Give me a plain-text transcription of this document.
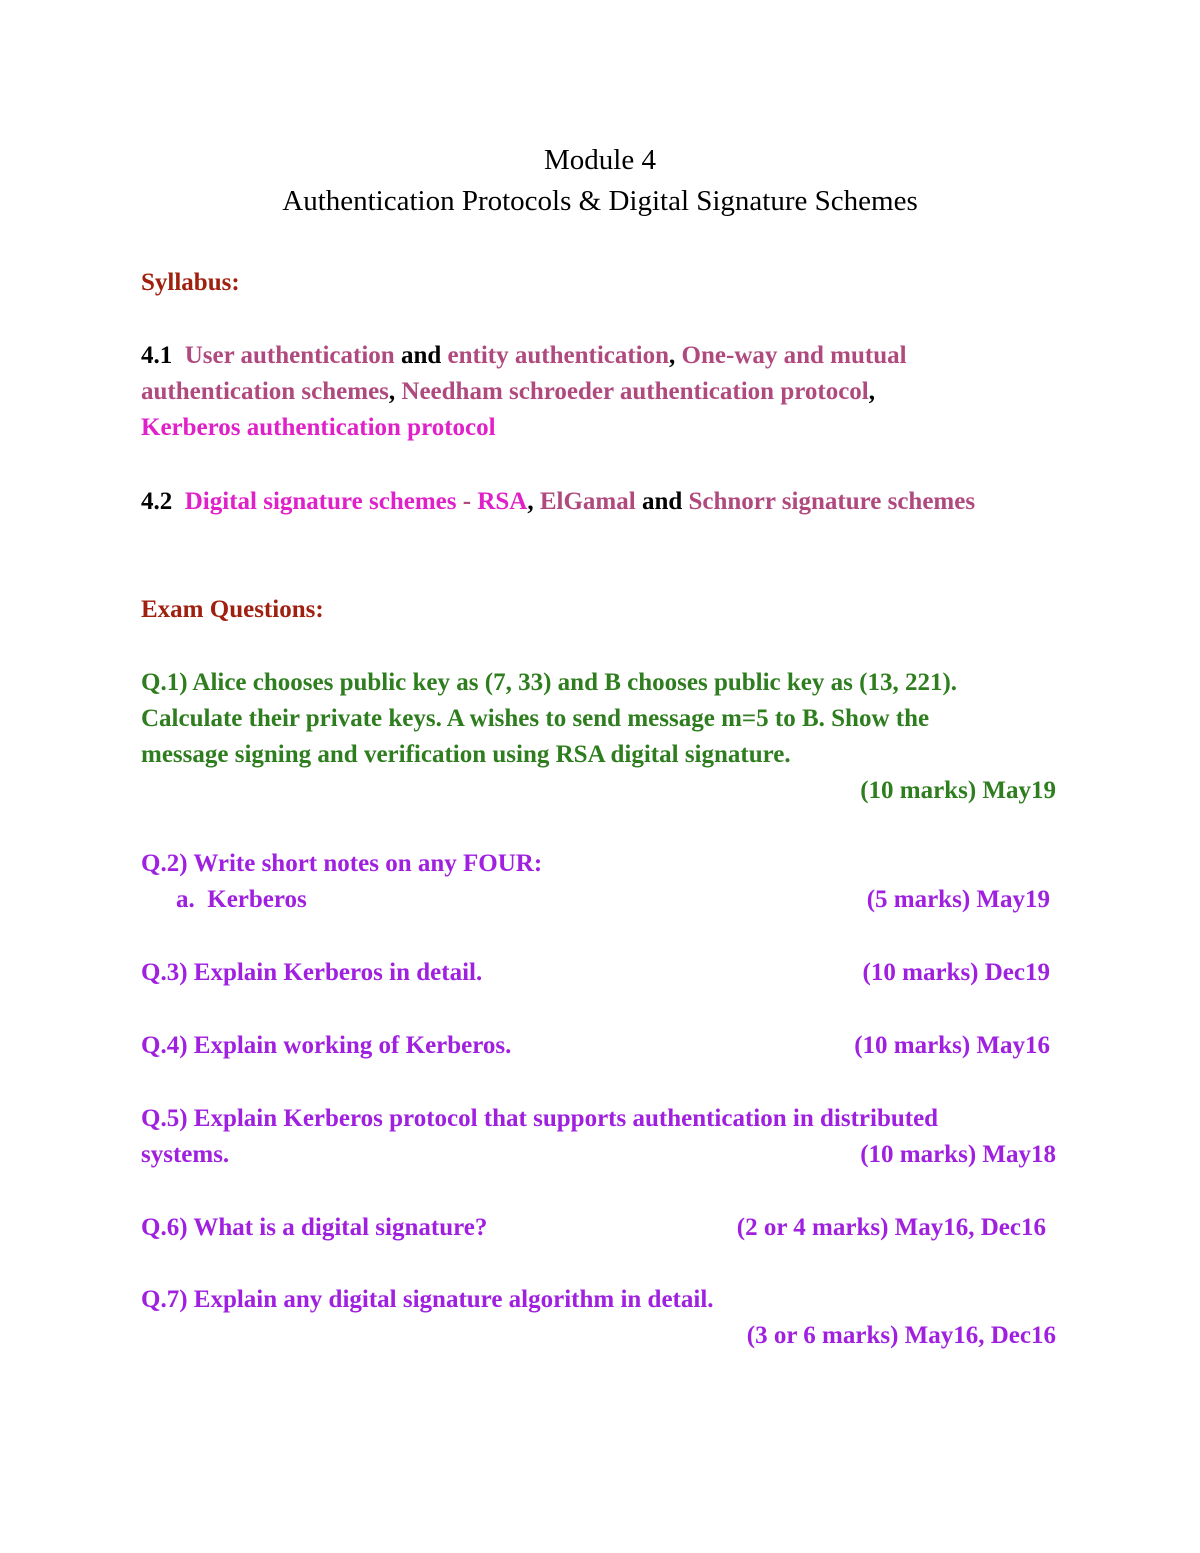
Module 4
Authentication Protocols & Digital Signature Schemes
Syllabus:
4.1 User authentication and entity authentication, One-way and mutual
authentication schemes, Needham schroeder authentication protocol,
Kerberos authentication protocol
4.2 Digital signature schemes - RSA, ElGamal and Schnorr signature schemes
Exam Questions:
Q.1) Alice chooses public key as (7, 33) and B chooses public key as (13, 221).
Calculate their private keys. A wishes to send message m=5 to B. Show the
message signing and verification using RSA digital signature.
(10 marks) May19
Q.2) Write short notes on any FOUR:
a. Kerberos	(5 marks) May19
Q.3) Explain Kerberos in detail.	(10 marks) Dec19
Q.4) Explain working of Kerberos.	(10 marks) May16
Q.5) Explain Kerberos protocol that supports authentication in distributed
systems.	(10 marks) May18
Q.6) What is a digital signature?	(2 or 4 marks) May16, Dec16
Q.7) Explain any digital signature algorithm in detail.
(3 or 6 marks) May16, Dec16
